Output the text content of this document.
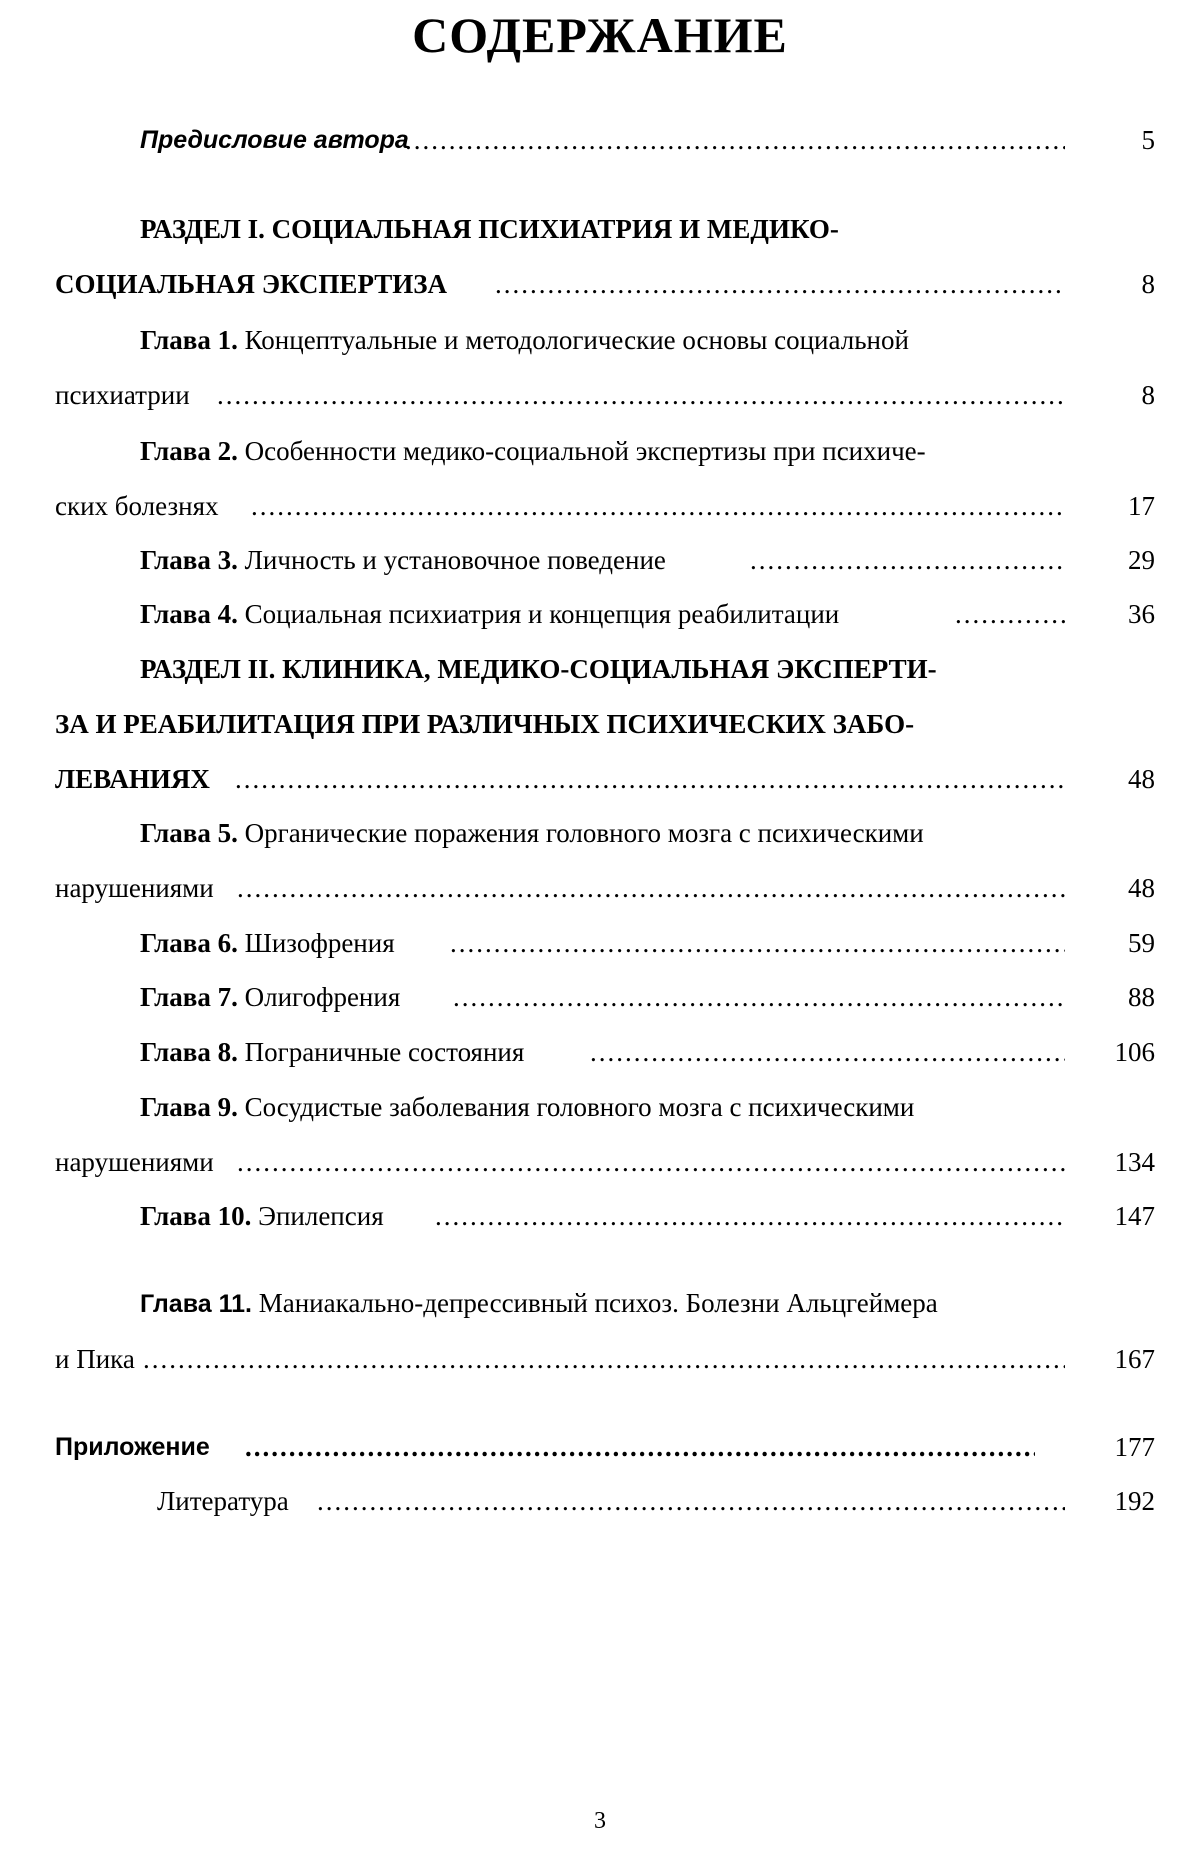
СОДЕРЖАНИЕ
Предисловие автора .....	5
РАЗДЕЛ I. СОЦИАЛЬНАЯ ПСИХИАТРИЯ И МЕДИКО-
СОЦИАЛЬНАЯ ЭКСПЕРТИЗА .....	8
Глава 1. Концептуальные и методологические основы социальной
психиатрии .....	8
Глава 2. Особенности медико-социальной экспертизы при психиче-
ских болезнях .....	17
Глава 3. Личность и установочное поведение .....	29
Глава 4. Социальная психиатрия и концепция реабилитации .....	36
РАЗДЕЛ II. КЛИНИКА, МЕДИКО-СОЦИАЛЬНАЯ ЭКСПЕРТИ-
ЗА И РЕАБИЛИТАЦИЯ ПРИ РАЗЛИЧНЫХ ПСИХИЧЕСКИХ ЗАБО-
ЛЕВАНИЯХ .....	48
Глава 5. Органические поражения головного мозга с психическими
нарушениями .....	48
Глава 6. Шизофрения .....	59
Глава 7. Олигофрения .....	88
Глава 8. Пограничные состояния .....	106
Глава 9. Сосудистые заболевания головного мозга с психическими
нарушениями .....	134
Глава 10. Эпилепсия .....	147
Глава 11. Маниакально-депрессивный психоз. Болезни Альцгеймера
и Пика .....	167
Приложение .....	177
Литература .....	192
3
